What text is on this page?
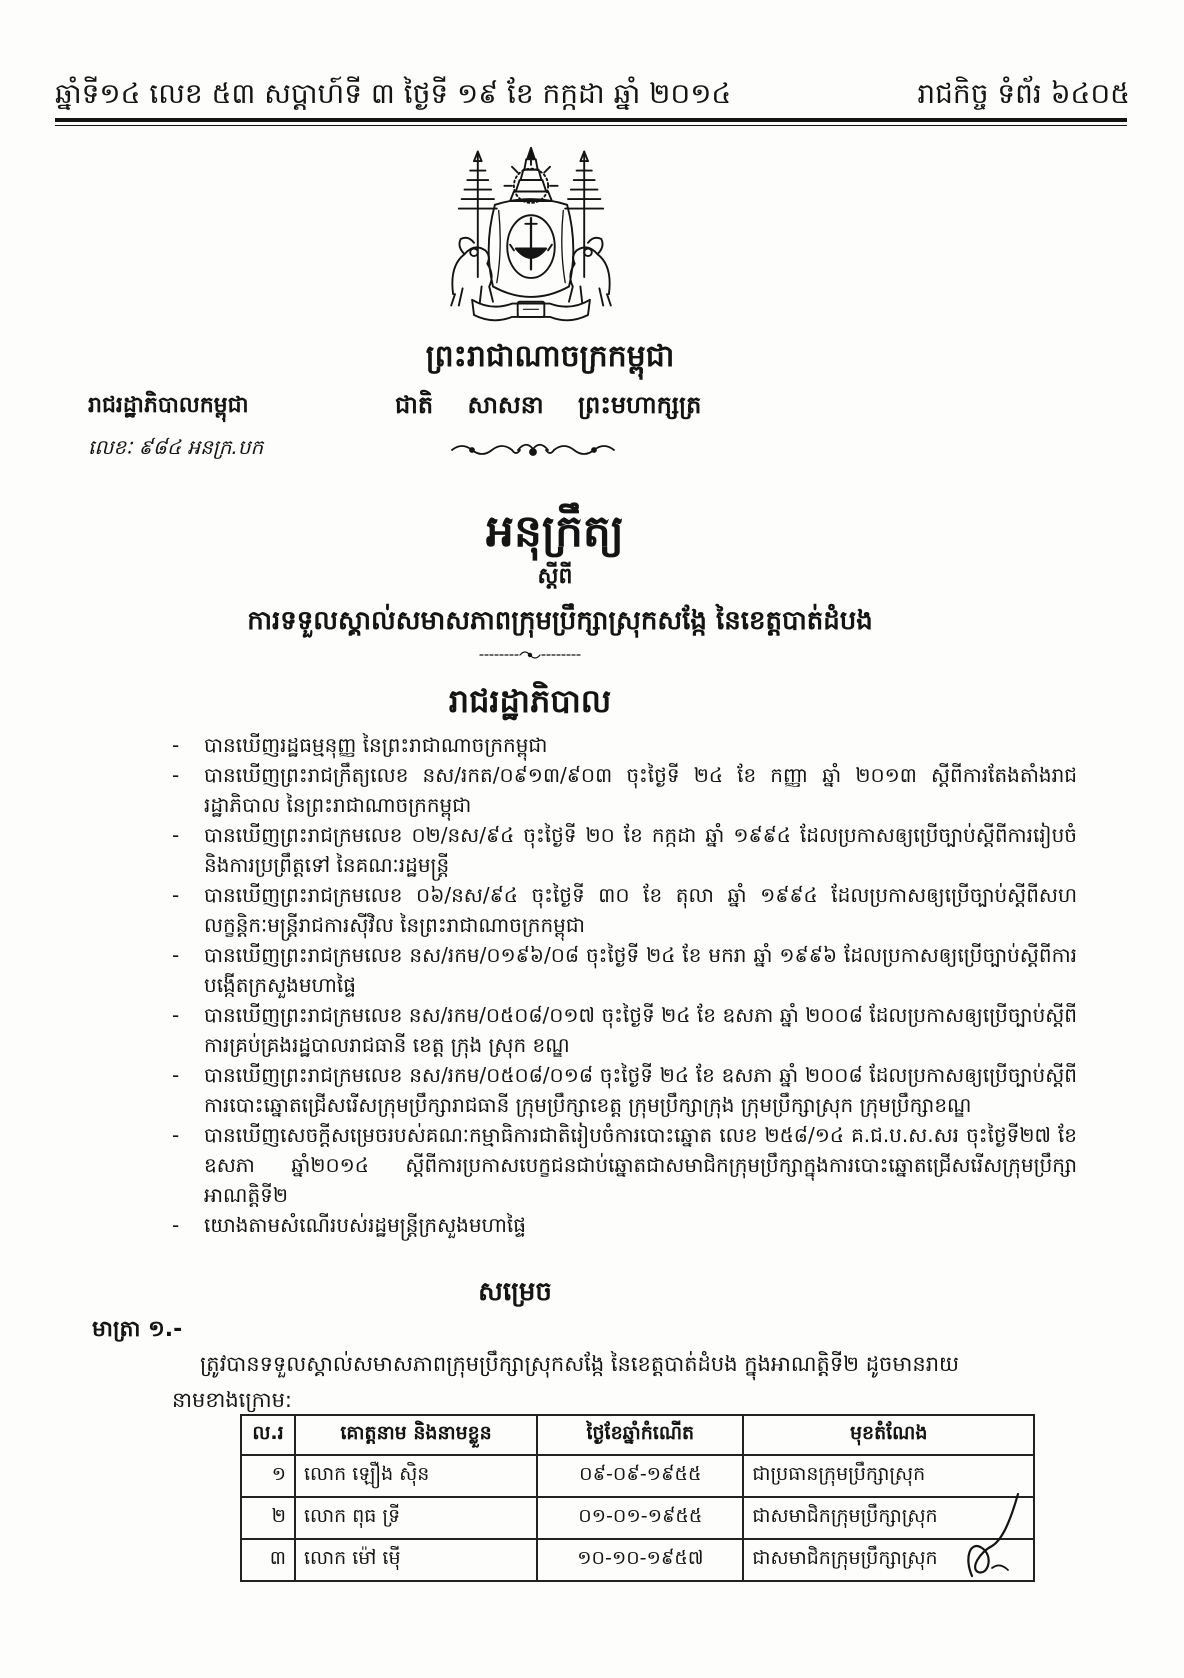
ឆ្នាំទី១៤ លេខ ៥៣ សប្តាហ៍ទី ៣ ថ្ងៃទី ១៩ ខែ កក្កដា ឆ្នាំ ២០១៤	រាជកិច្ច ទំព័រ ៦៤០៥
ព្រះរាជាណាចក្រកម្ពុជា
រាជរដ្ឋាភិបាលកម្ពុជា	ជាតិ សាសនា ព្រះមហាក្សត្រ
លេខៈ ៩៨៤ អនក្រ.បក
អនុក្រឹត្យ
ស្តីពី
ការទទួលស្គាល់សមាសភាពក្រុមប្រឹក្សាស្រុកសង្កែ នៃខេត្តបាត់ដំបង
រាជរដ្ឋាភិបាល
-	បានឃើញរដ្ឋធម្មនុញ្ញ នៃព្រះរាជាណាចក្រកម្ពុជា
-	បានឃើញព្រះរាជក្រឹត្យលេខ នស/រកត/០៩១៣/៩០៣ ចុះថ្ងៃទី ២៤ ខែ កញ្ញា ឆ្នាំ ២០១៣ ស្តីពីការតែងតាំងរាជរដ្ឋាភិបាល នៃព្រះរាជាណាចក្រកម្ពុជា
-	បានឃើញព្រះរាជក្រមលេខ ០២/នស/៩៤ ចុះថ្ងៃទី ២០ ខែ កក្កដា ឆ្នាំ ១៩៩៤ ដែលប្រកាសឲ្យប្រើច្បាប់ស្តីពីការរៀបចំ និងការប្រព្រឹត្តទៅ នៃគណៈរដ្ឋមន្ត្រី
-	បានឃើញព្រះរាជក្រមលេខ ០៦/នស/៩៤ ចុះថ្ងៃទី ៣០ ខែ តុលា ឆ្នាំ ១៩៩៤ ដែលប្រកាសឲ្យប្រើច្បាប់ស្តីពីសហលក្ខន្តិកៈមន្ត្រីរាជការស៊ីវិល នៃព្រះរាជាណាចក្រកម្ពុជា
-	បានឃើញព្រះរាជក្រមលេខ នស/រកម/០១៩៦/០៨ ចុះថ្ងៃទី ២៤ ខែ មករា ឆ្នាំ ១៩៩៦ ដែលប្រកាសឲ្យប្រើច្បាប់ស្តីពីការបង្កើតក្រសួងមហាផ្ទៃ
-	បានឃើញព្រះរាជក្រមលេខ នស/រកម/០៥០៨/០១៧ ចុះថ្ងៃទី ២៤ ខែ ឧសភា ឆ្នាំ ២០០៨ ដែលប្រកាសឲ្យប្រើច្បាប់ស្តីពីការគ្រប់គ្រងរដ្ឋបាលរាជធានី ខេត្ត ក្រុង ស្រុក ខណ្ឌ
-	បានឃើញព្រះរាជក្រមលេខ នស/រកម/០៥០៨/០១៨ ចុះថ្ងៃទី ២៤ ខែ ឧសភា ឆ្នាំ ២០០៨ ដែលប្រកាសឲ្យប្រើច្បាប់ស្តីពីការបោះឆ្នោតជ្រើសរើសក្រុមប្រឹក្សារាជធានី ក្រុមប្រឹក្សាខេត្ត ក្រុមប្រឹក្សាក្រុង ក្រុមប្រឹក្សាស្រុក ក្រុមប្រឹក្សាខណ្ឌ
-	បានឃើញសេចក្តីសម្រេចរបស់គណៈកម្មាធិការជាតិរៀបចំការបោះឆ្នោត លេខ ២៥៨/១៤ គ.ជ.ប.ស.សរ ចុះថ្ងៃទី២៧ ខែឧសភា ឆ្នាំ២០១៤ ស្តីពីការប្រកាសបេក្ខជនជាប់ឆ្នោតជាសមាជិកក្រុមប្រឹក្សាក្នុងការបោះឆ្នោតជ្រើសរើសក្រុមប្រឹក្សាអាណត្តិទី២
-	យោងតាមសំណើរបស់រដ្ឋមន្ត្រីក្រសួងមហាផ្ទៃ
សម្រេច
មាត្រា ១.-
ត្រូវបានទទួលស្គាល់សមាសភាពក្រុមប្រឹក្សាស្រុកសង្កែ នៃខេត្តបាត់ដំបង ក្នុងអាណត្តិទី២ ដូចមានរាយនាមខាងក្រោម:
ល.រ	គោត្តនាម និងនាមខ្លួន	ថ្ងៃខែឆ្នាំកំណើត	មុខតំណែង
១	លោក ឡឿង ស៊ិន	០៩-០៩-១៩៥៥	ជាប្រធានក្រុមប្រឹក្សាស្រុក
២	លោក ពុធ ទ្រី	០១-០១-១៩៥៥	ជាសមាជិកក្រុមប្រឹក្សាស្រុក
៣	លោក ម៉ៅ ម៉ើ	១០-១០-១៩៥៧	ជាសមាជិកក្រុមប្រឹក្សាស្រុក
